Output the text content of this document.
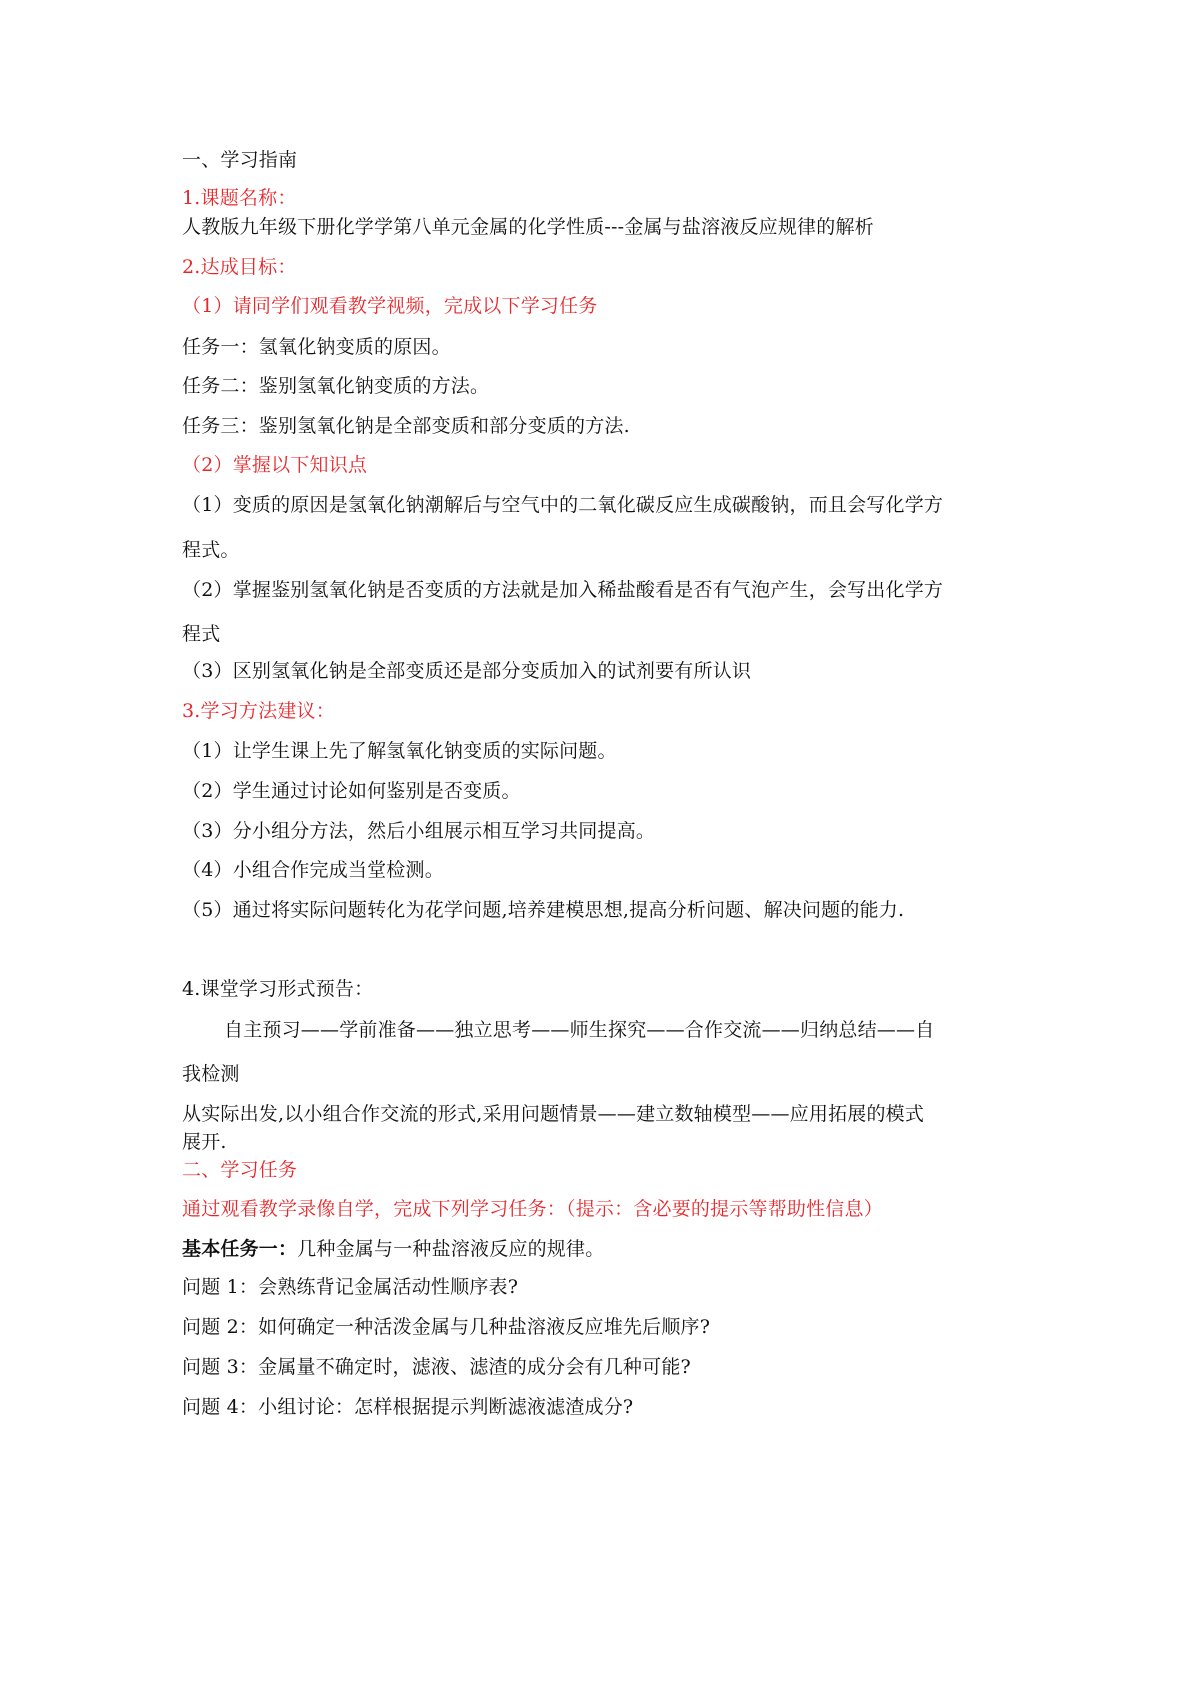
一、学习指南
1.课题名称：
人教版九年级下册化学学第八单元金属的化学性质---金属与盐溶液反应规律的解析
2.达成目标：
（1）请同学们观看教学视频，完成以下学习任务
任务一：氢氧化钠变质的原因。
任务二：鉴别氢氧化钠变质的方法。
任务三：鉴别氢氧化钠是全部变质和部分变质的方法.
（2）掌握以下知识点
（1）变质的原因是氢氧化钠潮解后与空气中的二氧化碳反应生成碳酸钠，而且会写化学方
程式。
（2）掌握鉴别氢氧化钠是否变质的方法就是加入稀盐酸看是否有气泡产生，会写出化学方
程式
（3）区别氢氧化钠是全部变质还是部分变质加入的试剂要有所认识
3.学习方法建议：
（1）让学生课上先了解氢氧化钠变质的实际问题。
（2）学生通过讨论如何鉴别是否变质。
（3）分小组分方法，然后小组展示相互学习共同提高。
（4）小组合作完成当堂检测。
（5）通过将实际问题转化为花学问题,培养建模思想,提高分析问题、解决问题的能力.
4.课堂学习形式预告：
自主预习——学前准备——独立思考——师生探究——合作交流——归纳总结——自
我检测
从实际出发,以小组合作交流的形式,采用问题情景——建立数轴模型——应用拓展的模式
展开.
二、学习任务
通过观看教学录像自学，完成下列学习任务：（提示：含必要的提示等帮助性信息）
基本任务一：几种金属与一种盐溶液反应的规律。
问题 1：会熟练背记金属活动性顺序表?
问题 2：如何确定一种活泼金属与几种盐溶液反应堆先后顺序?
问题 3：金属量不确定时，滤液、滤渣的成分会有几种可能?
问题 4：小组讨论：怎样根据提示判断滤液滤渣成分?
